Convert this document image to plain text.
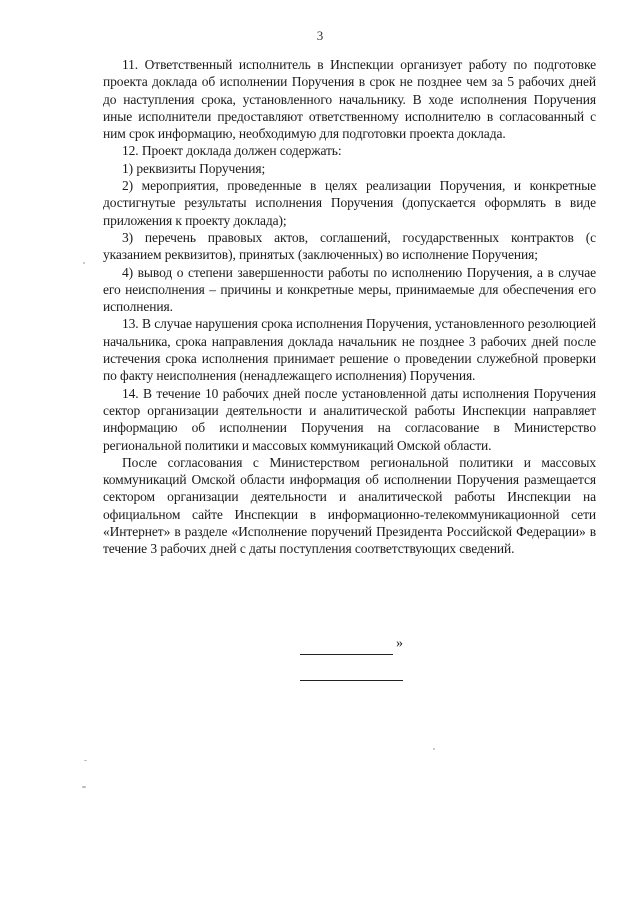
3

11. Ответственный исполнитель в Инспекции организует работу по подготовке проекта доклада об исполнении Поручения в срок не позднее чем за 5 рабочих дней до наступления срока, установленного начальнику. В ходе исполнения Поручения иные исполнители предоставляют ответственному исполнителю в согласованный с ним срок информацию, необходимую для подготовки проекта доклада.

12. Проект доклада должен содержать:

1) реквизиты Поручения;

2) мероприятия, проведенные в целях реализации Поручения, и конкретные достигнутые результаты исполнения Поручения (допускается оформлять в виде приложения к проекту доклада);

3) перечень правовых актов, соглашений, государственных контрактов (с указанием реквизитов), принятых (заключенных) во исполнение Поручения;

4) вывод о степени завершенности работы по исполнению Поручения, а в случае его неисполнения – причины и конкретные меры, принимаемые для обеспечения его исполнения.

13. В случае нарушения срока исполнения Поручения, установленного резолюцией начальника, срока направления доклада начальник не позднее 3 рабочих дней после истечения срока исполнения принимает решение о проведении служебной проверки по факту неисполнения (ненадлежащего исполнения) Поручения.

14. В течение 10 рабочих дней после установленной даты исполнения Поручения сектор организации деятельности и аналитической работы Инспекции направляет информацию об исполнении Поручения на согласование в Министерство региональной политики и массовых коммуникаций Омской области.

После согласования с Министерством региональной политики и массовых коммуникаций Омской области информация об исполнении Поручения размещается сектором организации деятельности и аналитической работы Инспекции на официальном сайте Инспекции в информационно-телекоммуникационной сети «Интернет» в разделе «Исполнение поручений Президента Российской Федерации» в течение 3 рабочих дней с даты поступления соответствующих сведений.

»
